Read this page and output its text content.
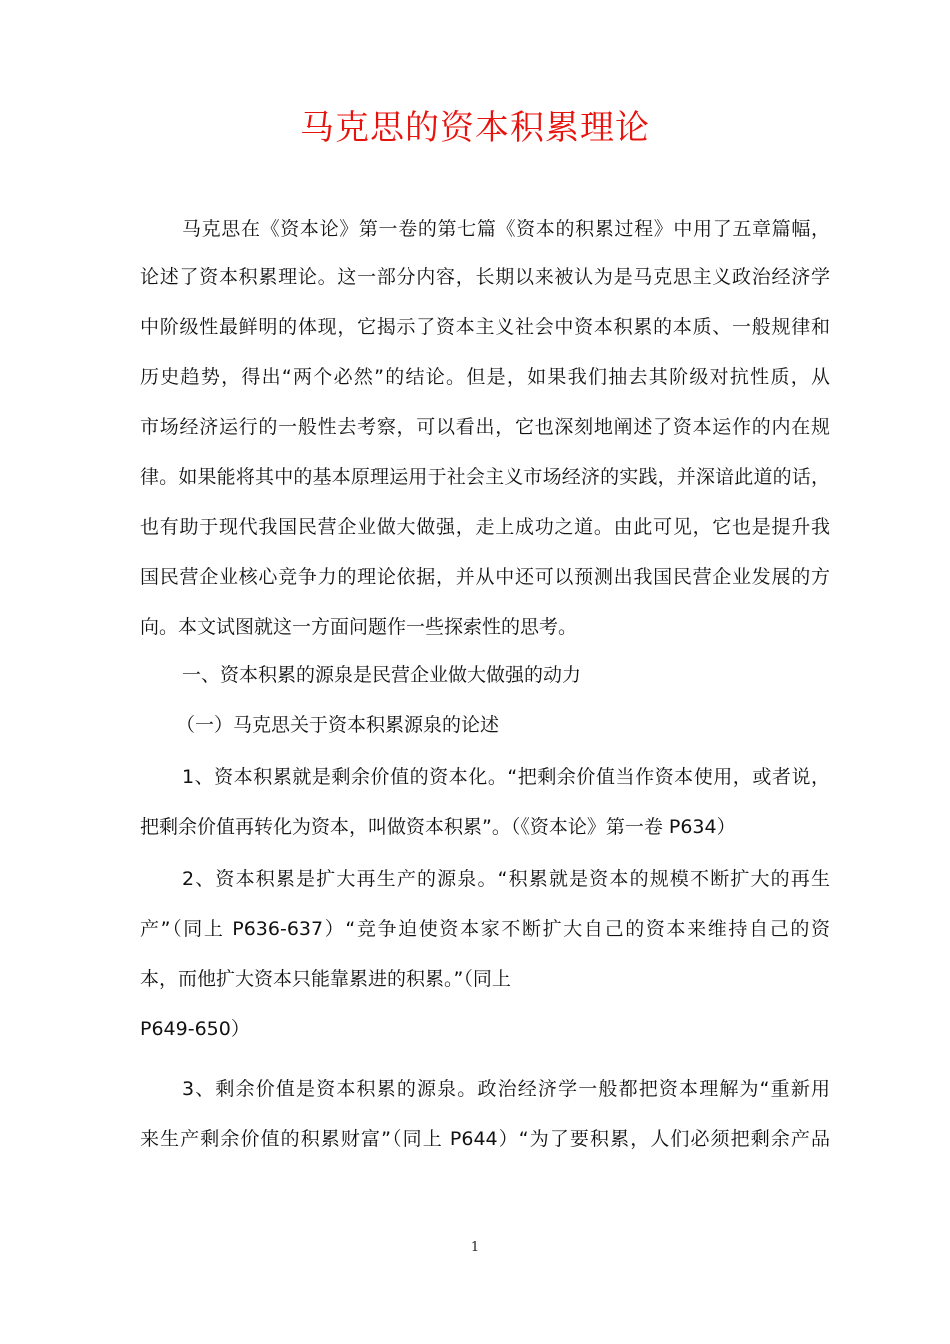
马克思的资本积累理论
马克思在《资本论》第一卷的第七篇《资本的积累过程》中用了五章篇幅，
论述了资本积累理论。这一部分内容，长期以来被认为是马克思主义政治经济学
中阶级性最鲜明的体现，它揭示了资本主义社会中资本积累的本质、一般规律和
历史趋势，得出“两个必然”的结论。但是，如果我们抽去其阶级对抗性质，从
市场经济运行的一般性去考察，可以看出，它也深刻地阐述了资本运作的内在规
律。如果能将其中的基本原理运用于社会主义市场经济的实践，并深谙此道的话，
也有助于现代我国民营企业做大做强，走上成功之道。由此可见，它也是提升我
国民营企业核心竞争力的理论依据，并从中还可以预测出我国民营企业发展的方
向。本文试图就这一方面问题作一些探索性的思考。
一、资本积累的源泉是民营企业做大做强的动力
（一）马克思关于资本积累源泉的论述
1、资本积累就是剩余价值的资本化。“把剩余价值当作资本使用，或者说，
把剩余价值再转化为资本，叫做资本积累”。（《资本论》第一卷 P634）
2、资本积累是扩大再生产的源泉。“积累就是资本的规模不断扩大的再生
产”（同上 P636-637）“竞争迫使资本家不断扩大自己的资本来维持自己的资
本，而他扩大资本只能靠累进的积累。”（同上
P649-650）
3、剩余价值是资本积累的源泉。政治经济学一般都把资本理解为“重新用
来生产剩余价值的积累财富”（同上 P644）“为了要积累，人们必须把剩余产品
1
